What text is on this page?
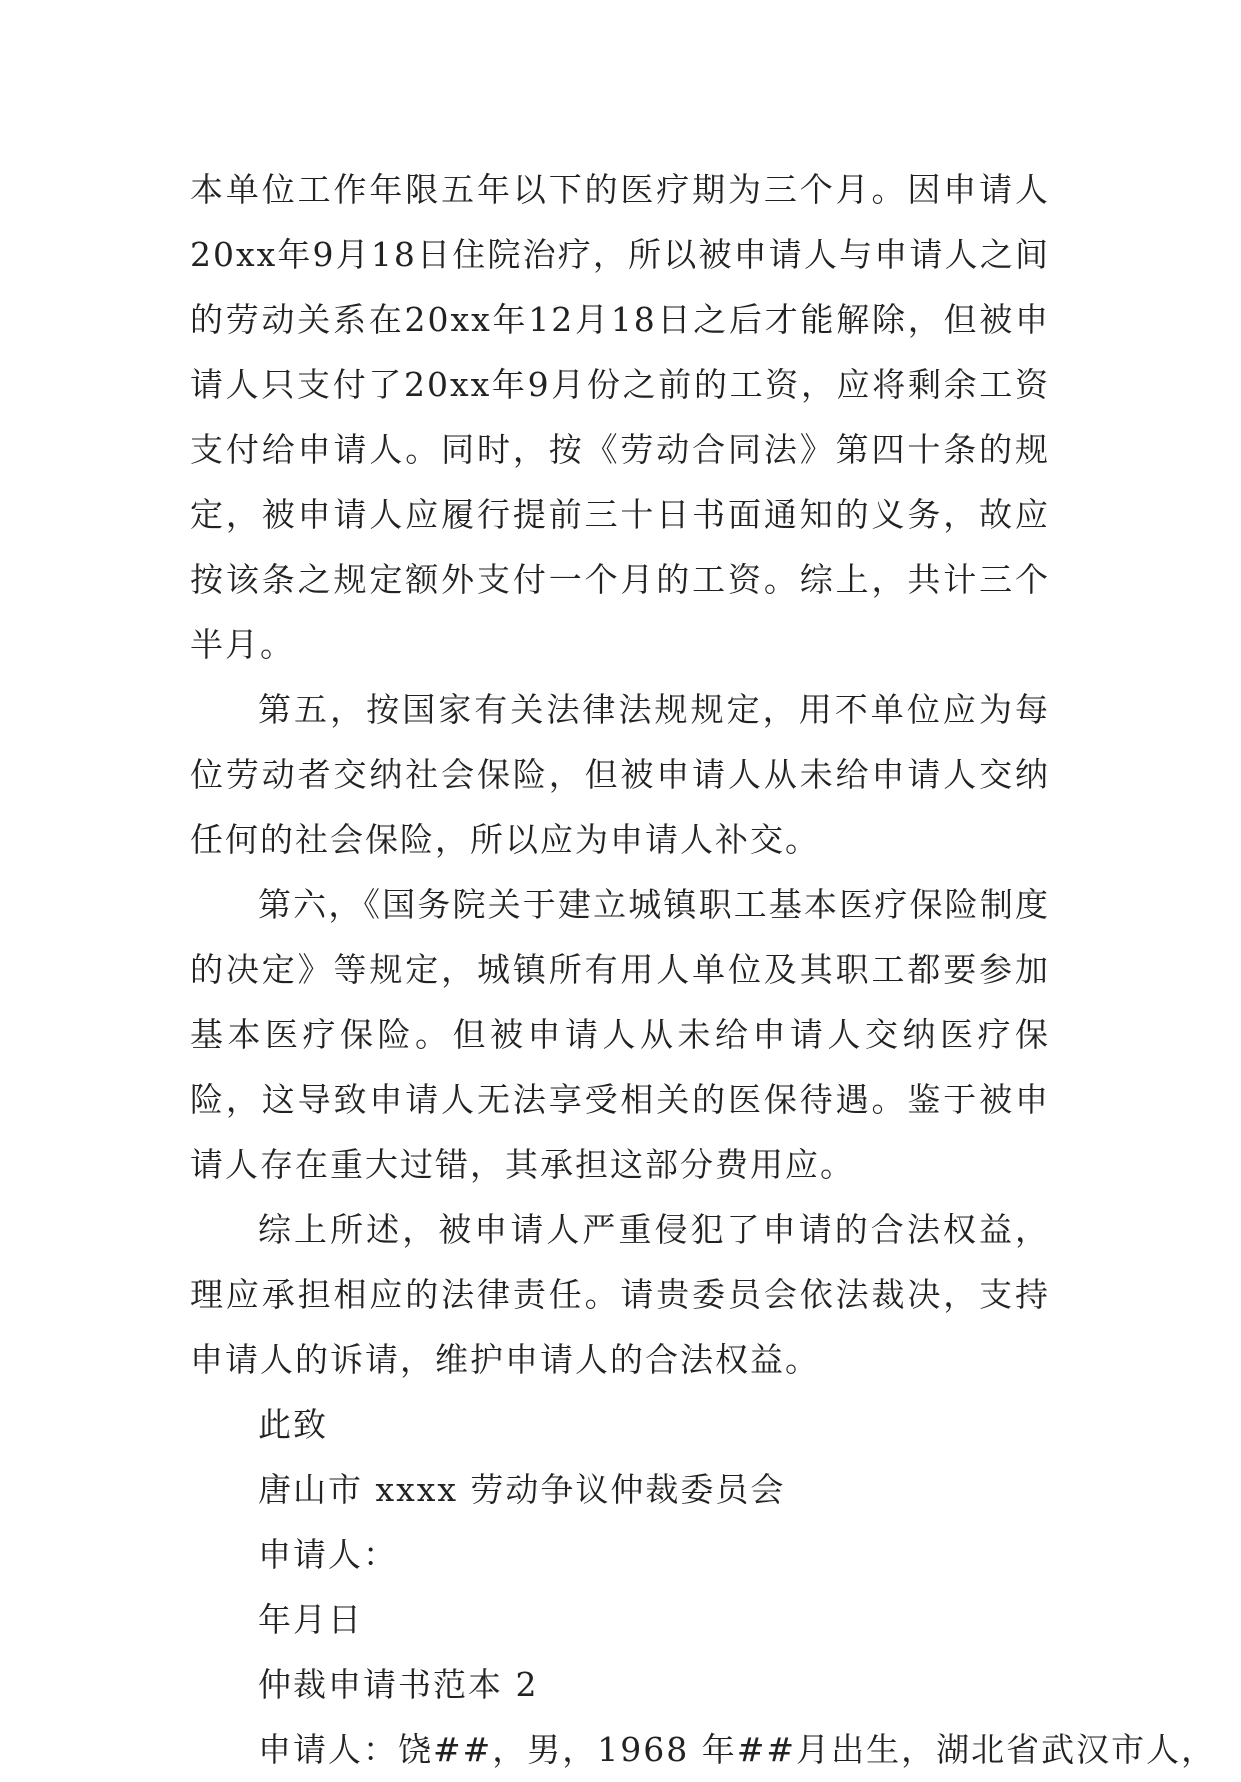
本单位工作年限五年以下的医疗期为三个月。因申请人20xx年9月18日住院治疗，所以被申请人与申请人之间的劳动关系在20xx年12月18日之后才能解除，但被申请人只支付了20xx年9月份之前的工资，应将剩余工资支付给申请人。同时，按《劳动合同法》第四十条的规定，被申请人应履行提前三十日书面通知的义务，故应按该条之规定额外支付一个月的工资。综上，共计三个半月。

第五，按国家有关法律法规规定，用不单位应为每位劳动者交纳社会保险，但被申请人从未给申请人交纳任何的社会保险，所以应为申请人补交。

第六，《国务院关于建立城镇职工基本医疗保险制度的决定》等规定，城镇所有用人单位及其职工都要参加基本医疗保险。但被申请人从未给申请人交纳医疗保险，这导致申请人无法享受相关的医保待遇。鉴于被申请人存在重大过错，其承担这部分费用应。

综上所述，被申请人严重侵犯了申请的合法权益，理应承担相应的法律责任。请贵委员会依法裁决，支持申请人的诉请，维护申请人的合法权益。

此致

唐山市 xxxx 劳动争议仲裁委员会

申请人：

年月日

仲裁申请书范本 2

申请人：饶##，男，1968 年##月出生，湖北省武汉市人，
